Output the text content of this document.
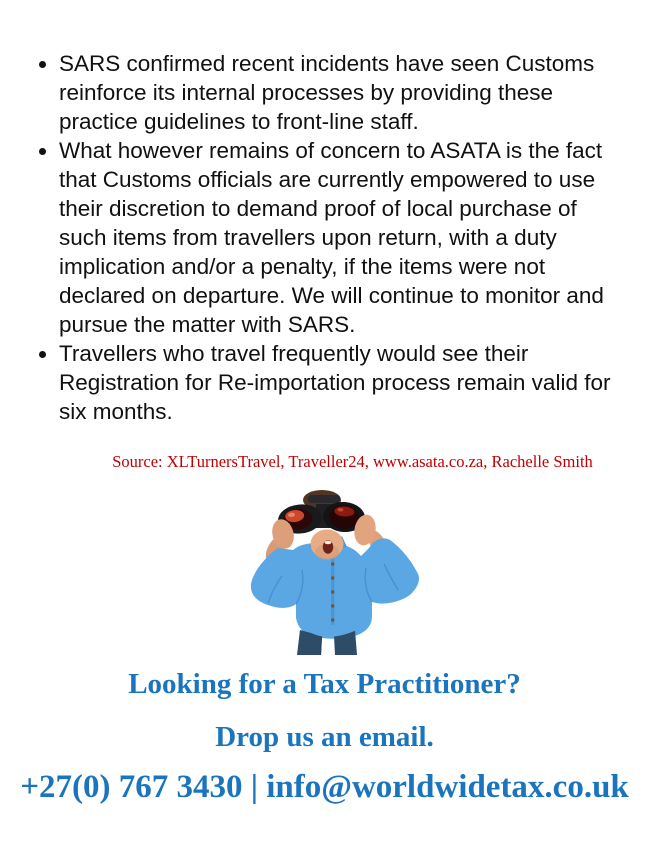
• SARS confirmed recent incidents have seen Customs reinforce its internal processes by providing these practice guidelines to front-line staff.
• What however remains of concern to ASATA is the fact that Customs officials are currently empowered to use their discretion to demand proof of local purchase of such items from travellers upon return, with a duty implication and/or a penalty, if the items were not declared on departure. We will continue to monitor and pursue the matter with SARS.
• Travellers who travel frequently would see their Registration for Re-importation process remain valid for six months.
Source: XLTurnersTravel, Traveller24, www.asata.co.za, Rachelle Smith
Looking for a Tax Practitioner?
Drop us an email.
+27(0) 767 3430 | info@worldwidetax.co.uk
